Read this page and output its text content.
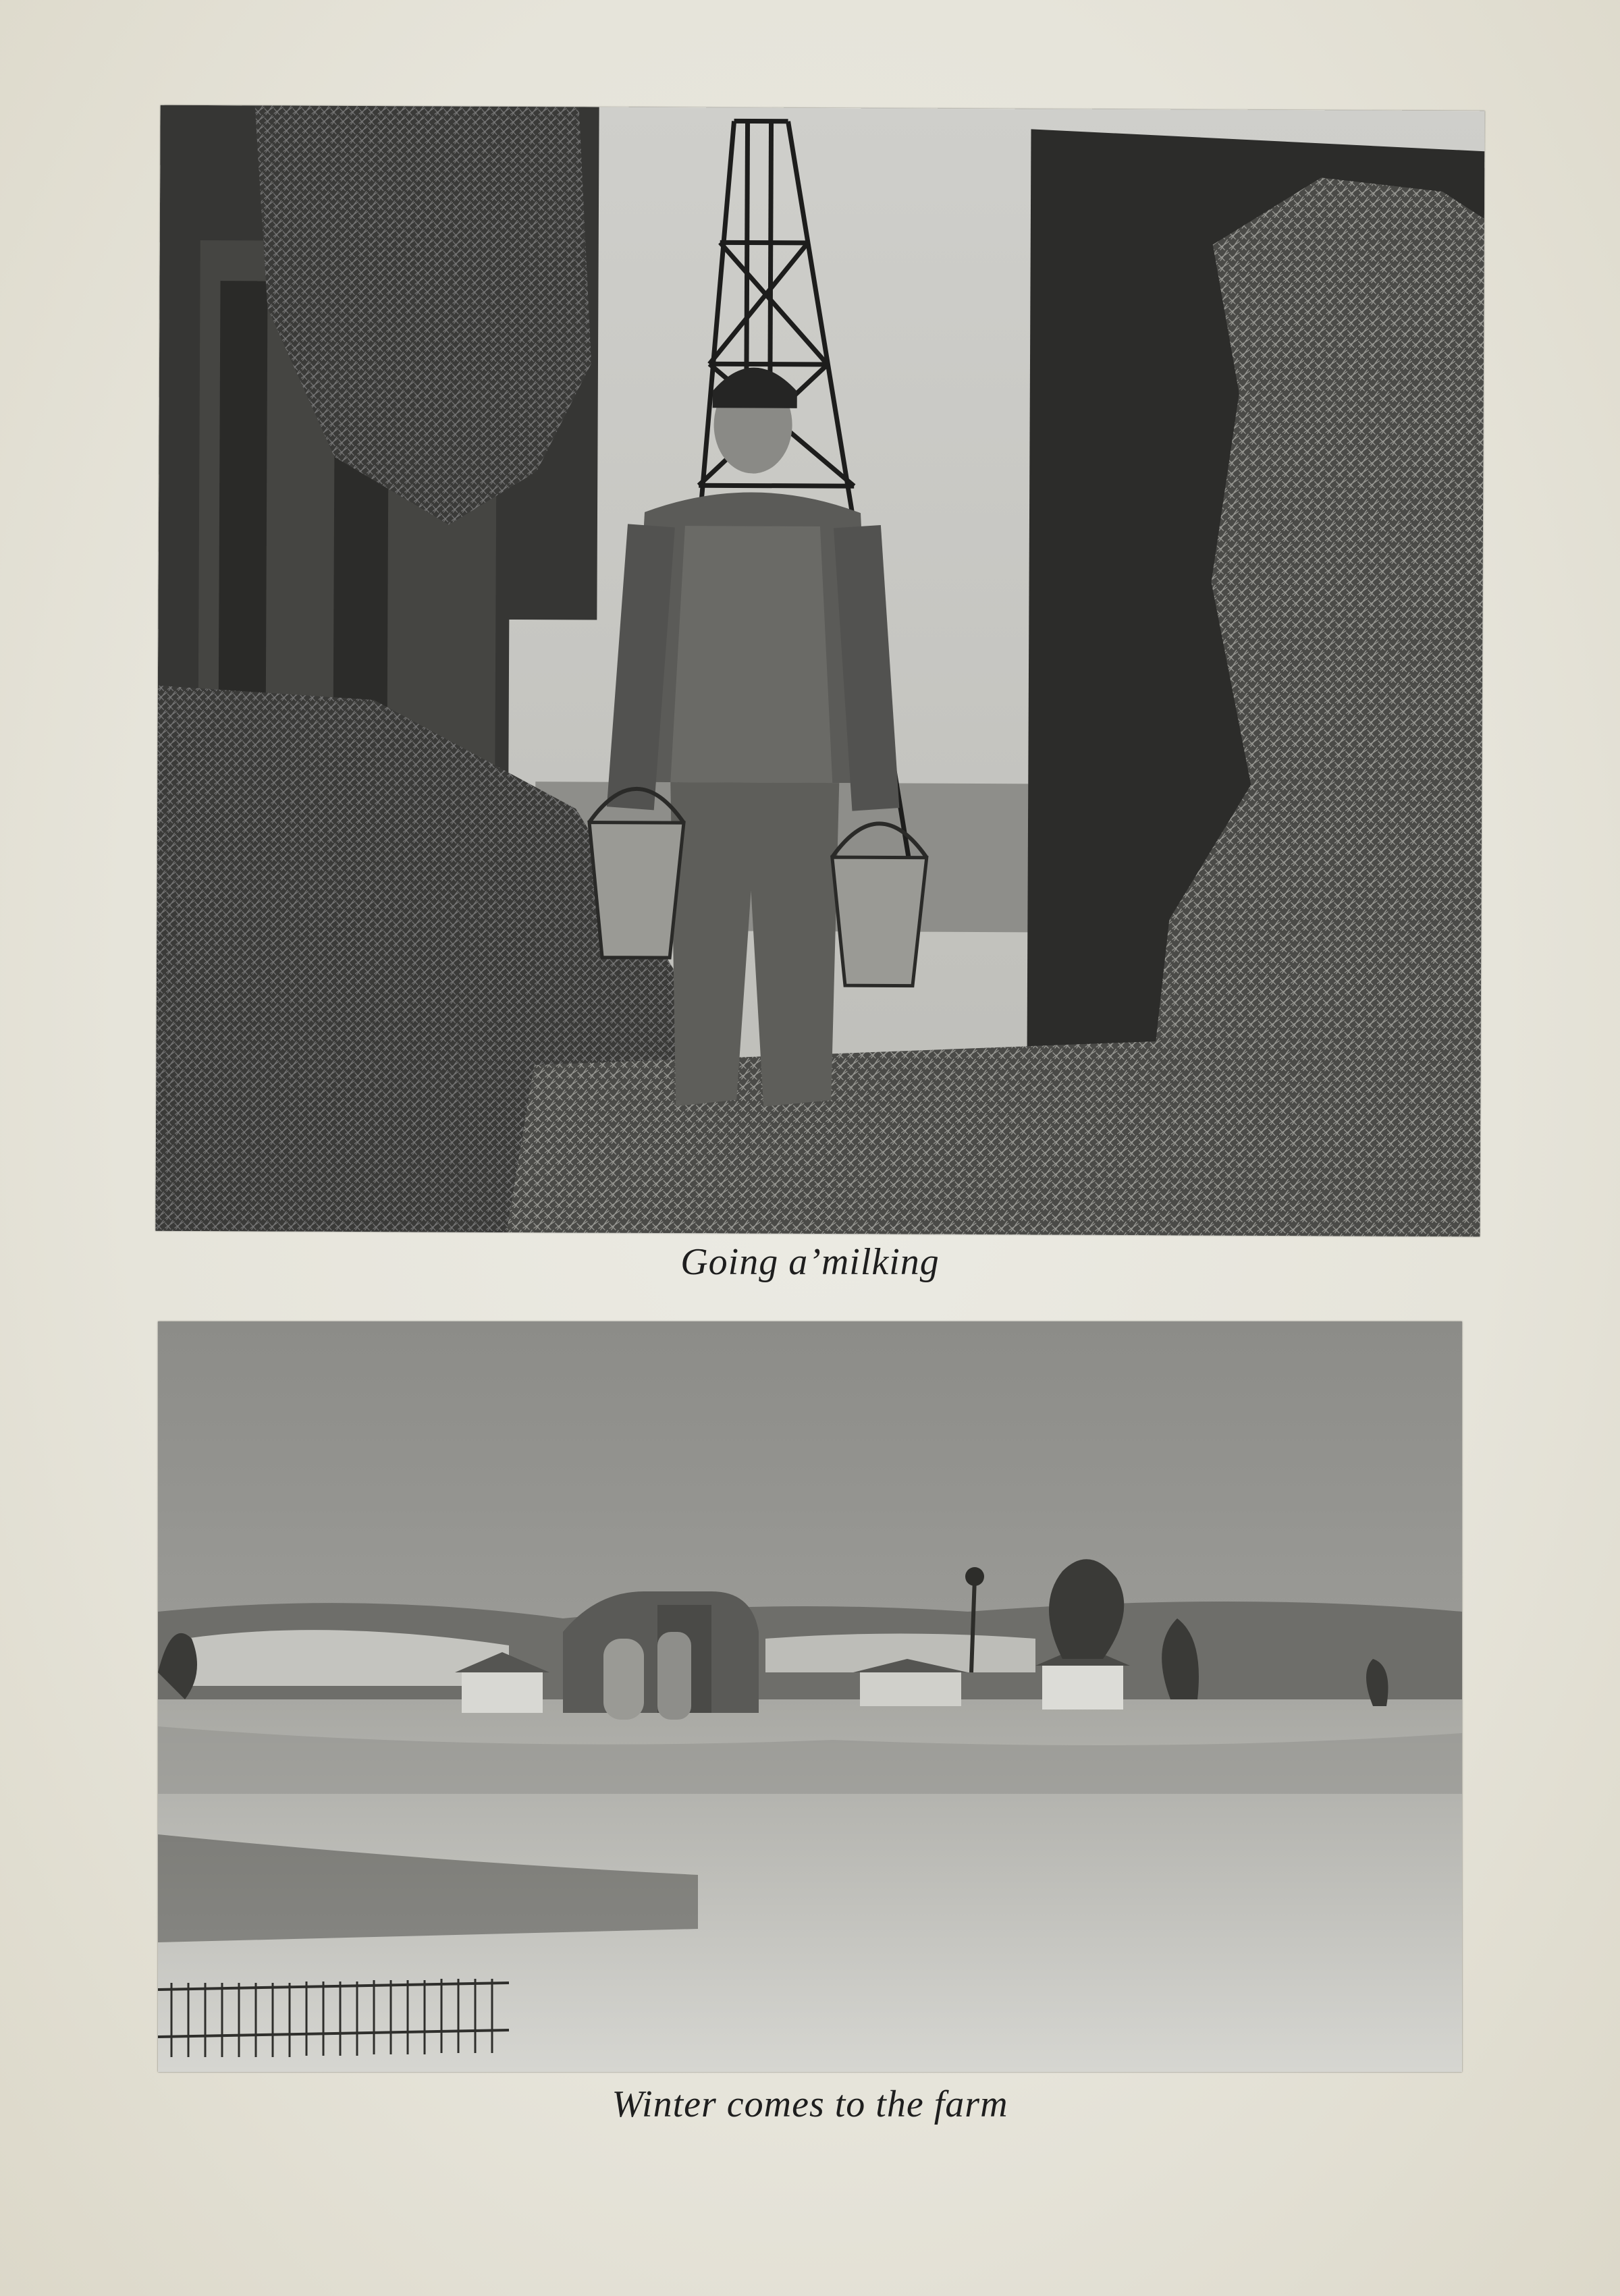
Going a’milking
Winter comes to the farm
